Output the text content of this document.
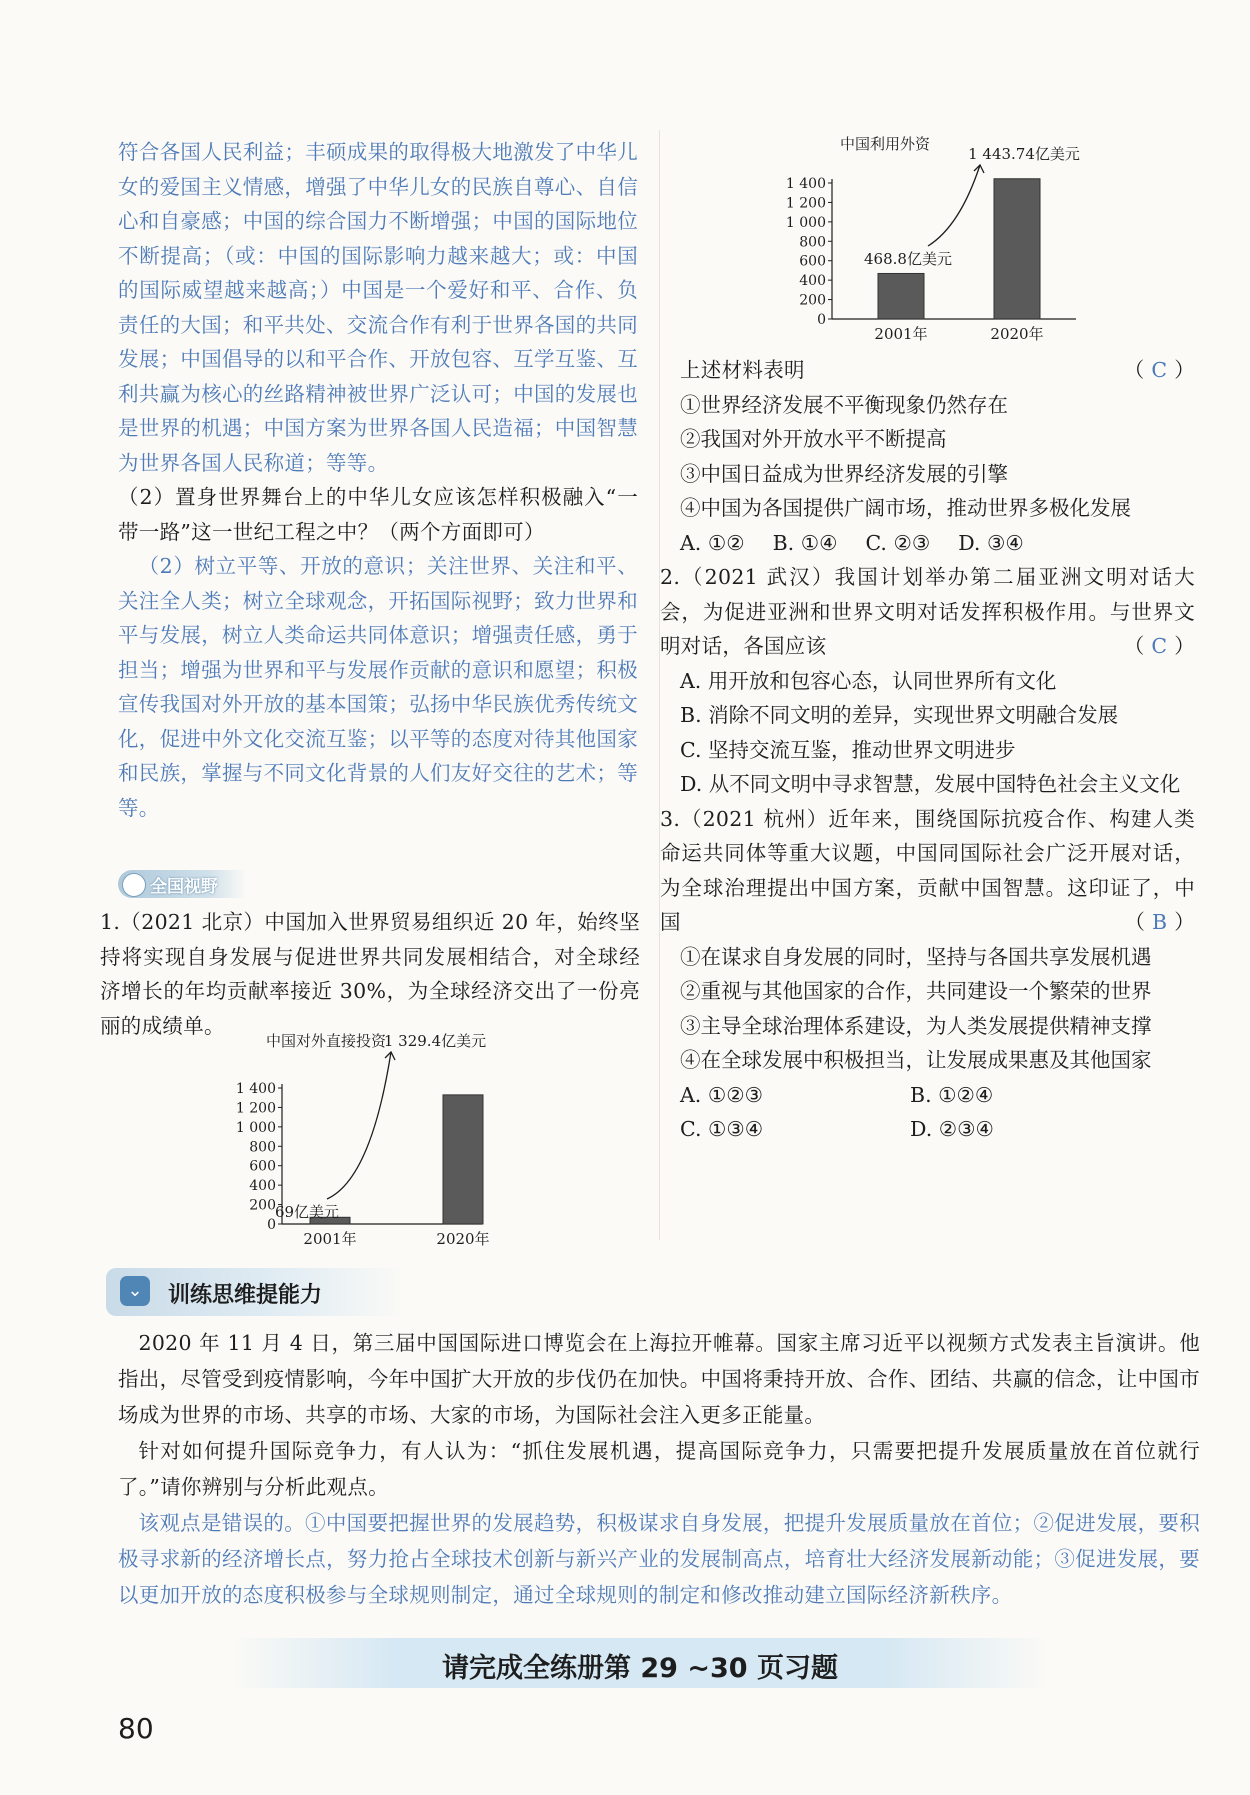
符合各国人民利益；丰硕成果的取得极大地激发了中华儿女的爱国主义情感，增强了中华儿女的民族自尊心、自信心和自豪感；中国的综合国力不断增强；中国的国际地位不断提高；（或：中国的国际影响力越来越大；或：中国的国际威望越来越高；）中国是一个爱好和平、合作、负责任的大国；和平共处、交流合作有利于世界各国的共同发展；中国倡导的以和平合作、开放包容、互学互鉴、互利共赢为核心的丝路精神被世界广泛认可；中国的发展也是世界的机遇；中国方案为世界各国人民造福；中国智慧为世界各国人民称道；等等。

（2）置身世界舞台上的中华儿女应该怎样积极融入“一带一路”这一世纪工程之中？（两个方面即可）

（2）树立平等、开放的意识；关注世界、关注和平、关注全人类；树立全球观念，开拓国际视野；致力世界和平与发展，树立人类命运共同体意识；增强责任感，勇于担当；增强为世界和平与发展作贡献的意识和愿望；积极宣传我国对外开放的基本国策；弘扬中华民族优秀传统文化，促进中外文化交流互鉴；以平等的态度对待其他国家和民族，掌握与不同文化背景的人们友好交往的艺术；等等。

全国视野

1.（2021 北京）中国加入世界贸易组织近 20 年，始终坚持将实现自身发展与促进世界共同发展相结合，对全球经济增长的年均贡献率接近 30%，为全球经济交出了一份亮丽的成绩单。

中国对外直接投资
0
200
400
600
800
1 000
1 200
1 400
2001年
69亿美元
2020年
1 329.4亿美元
中国利用外资
0
200
400
600
800
1 000
1 200
1 400
2001年
468.8亿美元
2020年
1 443.74亿美元
上述材料表明	（ C ）
①世界经济发展不平衡现象仍然存在
②我国对外开放水平不断提高
③中国日益成为世界经济发展的引擎
④中国为各国提供广阔市场，推动世界多极化发展
A. ①② B. ①④ C. ②③ D. ③④
2.（2021 武汉）我国计划举办第二届亚洲文明对话大会，为促进亚洲和世界文明对话发挥积极作用。与世界文明对话，各国应该	（ C ）
A. 用开放和包容心态，认同世界所有文化
B. 消除不同文明的差异，实现世界文明融合发展
C. 坚持交流互鉴，推动世界文明进步
D. 从不同文明中寻求智慧，发展中国特色社会主义文化
3.（2021 杭州）近年来，围绕国际抗疫合作、构建人类命运共同体等重大议题，中国同国际社会广泛开展对话，为全球治理提出中国方案，贡献中国智慧。这印证了，中国	（ B ）
①在谋求自身发展的同时，坚持与各国共享发展机遇
②重视与其他国家的合作，共同建设一个繁荣的世界
③主导全球治理体系建设，为人类发展提供精神支撑
④在全球发展中积极担当，让发展成果惠及其他国家
A. ①②③	B. ①②④
C. ①③④	D. ②③④
⌄	训练思维提能力

2020 年 11 月 4 日，第三届中国国际进口博览会在上海拉开帷幕。国家主席习近平以视频方式发表主旨演讲。他指出，尽管受到疫情影响，今年中国扩大开放的步伐仍在加快。中国将秉持开放、合作、团结、共赢的信念，让中国市场成为世界的市场、共享的市场、大家的市场，为国际社会注入更多正能量。

针对如何提升国际竞争力，有人认为：“抓住发展机遇，提高国际竞争力，只需要把提升发展质量放在首位就行了。”请你辨别与分析此观点。

该观点是错误的。①中国要把握世界的发展趋势，积极谋求自身发展，把提升发展质量放在首位；②促进发展，要积极寻求新的经济增长点，努力抢占全球技术创新与新兴产业的发展制高点，培育壮大经济发展新动能；③促进发展，要以更加开放的态度积极参与全球规则制定，通过全球规则的制定和修改推动建立国际经济新秩序。

请完成全练册第 29 ~30 页习题
80
